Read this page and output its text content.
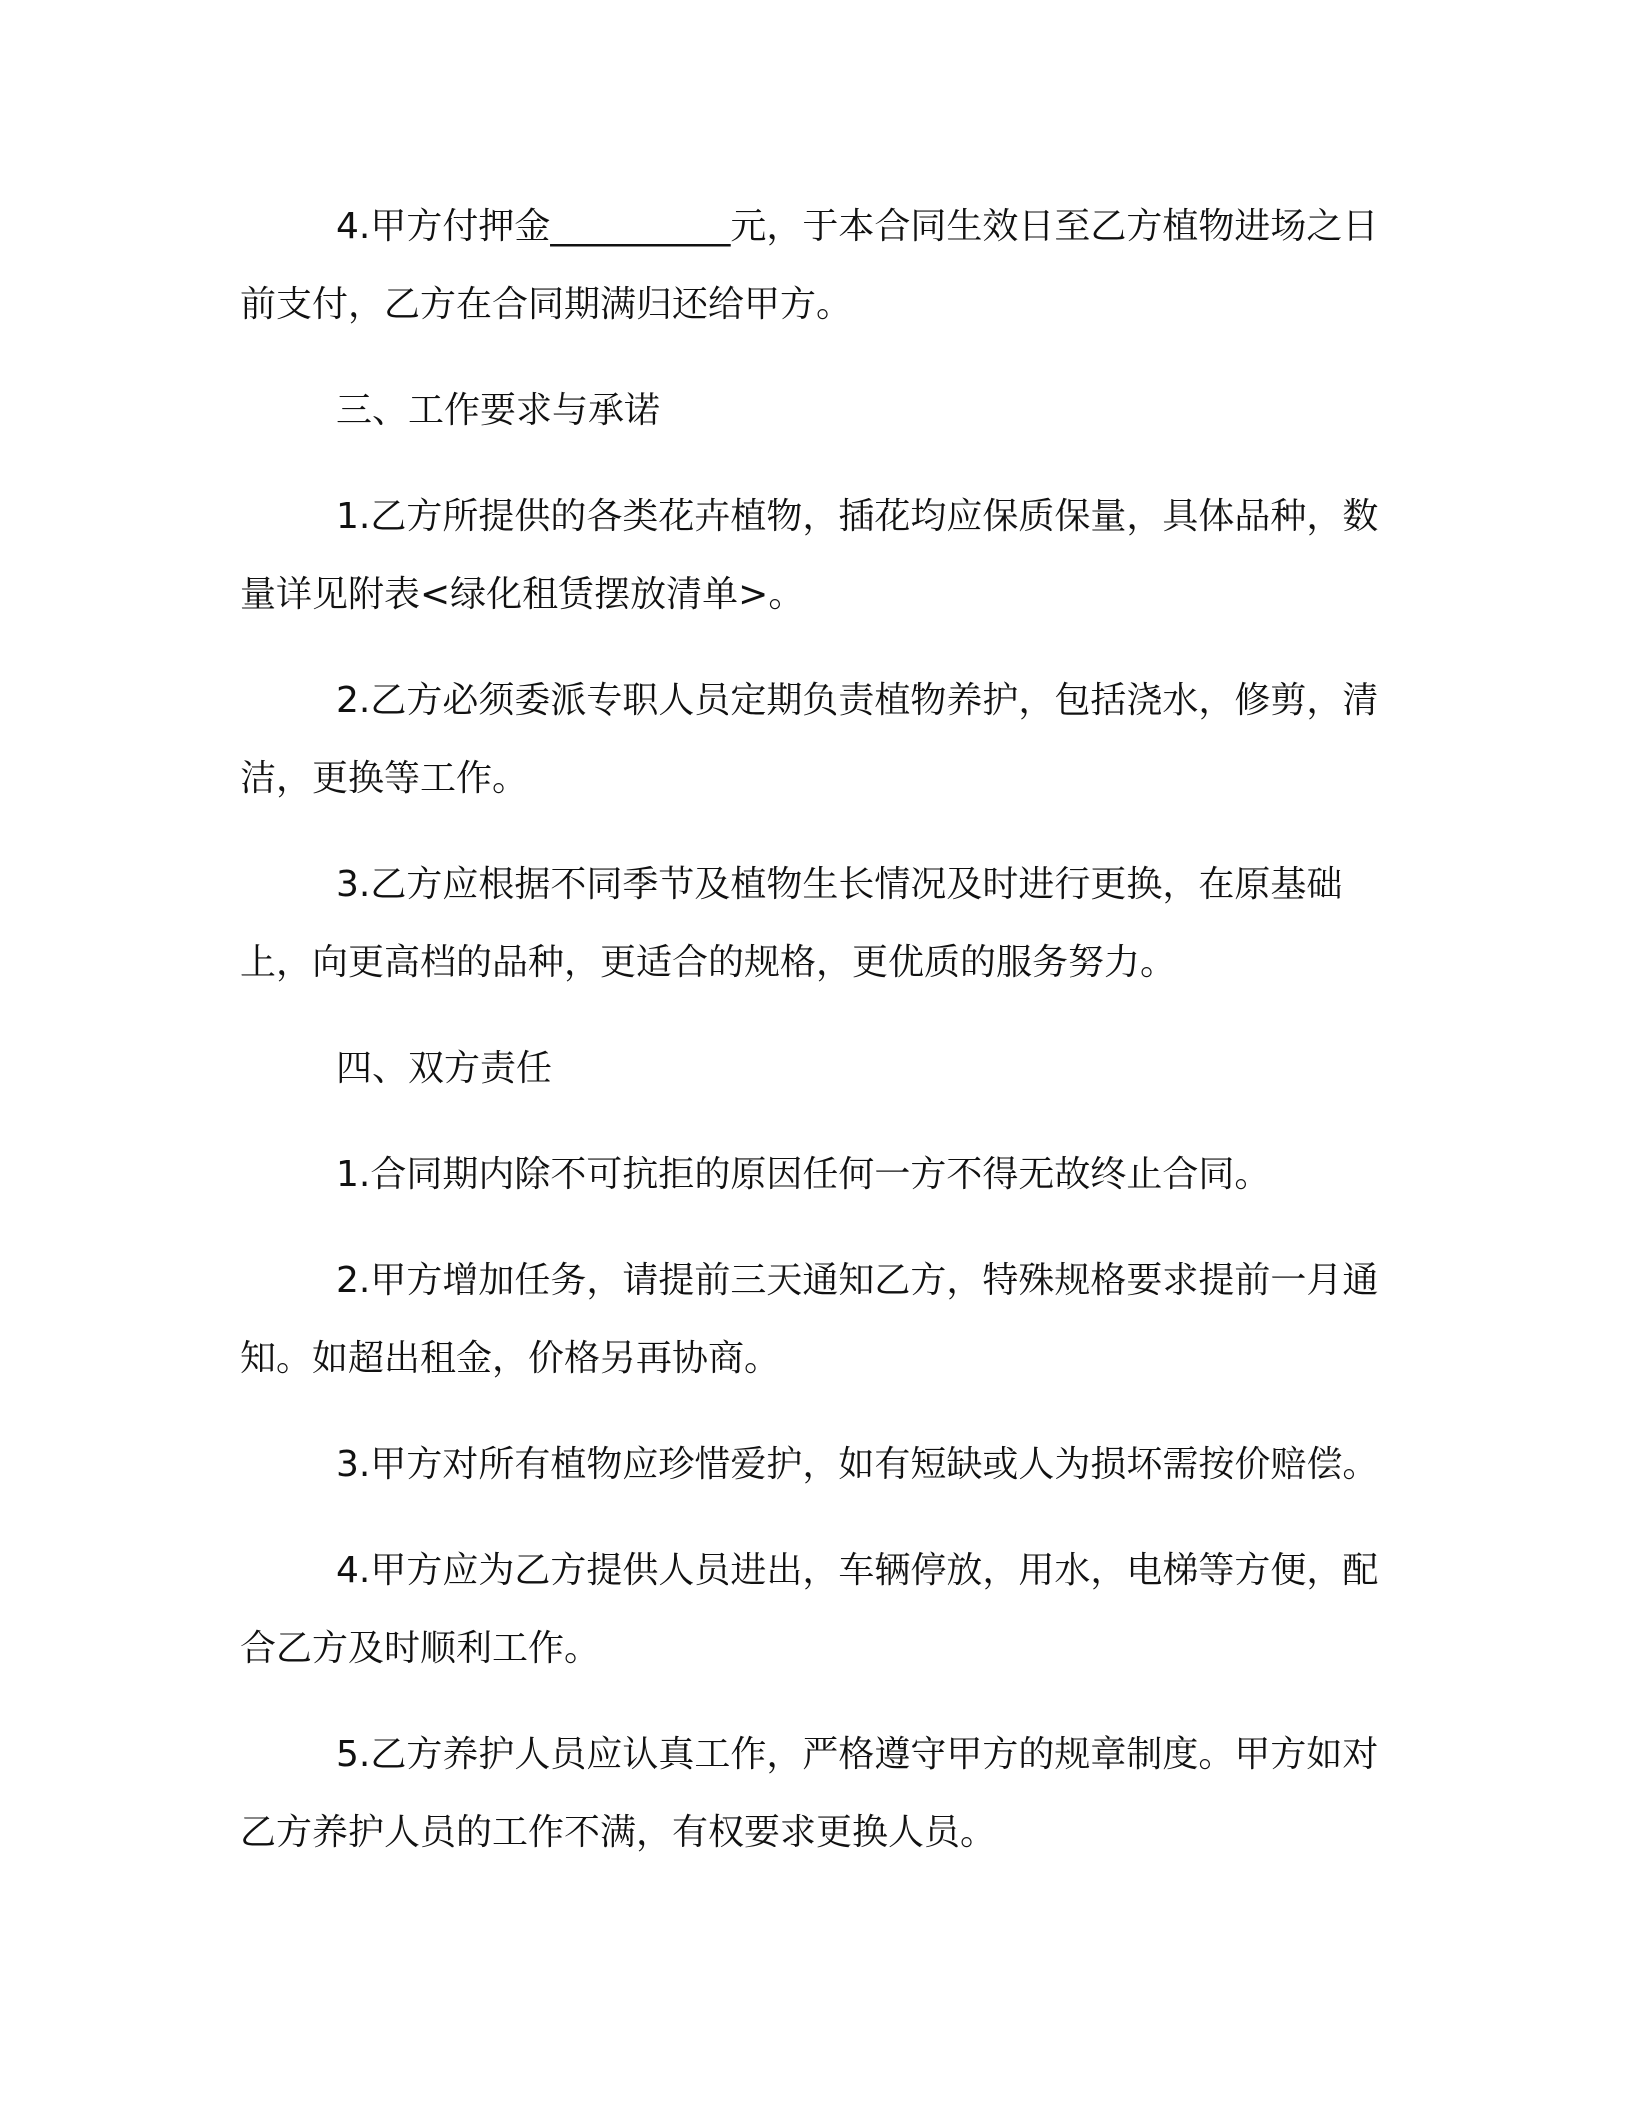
4.甲方付押金__________元，于本合同生效日至乙方植物进场之日前支付，乙方在合同期满归还给甲方。

三、工作要求与承诺

1.乙方所提供的各类花卉植物，插花均应保质保量，具体品种，数量详见附表<绿化租赁摆放清单>。

2.乙方必须委派专职人员定期负责植物养护，包括浇水，修剪，清洁，更换等工作。

3.乙方应根据不同季节及植物生长情况及时进行更换，在原基础上，向更高档的品种，更适合的规格，更优质的服务努力。

四、双方责任

1.合同期内除不可抗拒的原因任何一方不得无故终止合同。

2.甲方增加任务，请提前三天通知乙方，特殊规格要求提前一月通知。如超出租金，价格另再协商。

3.甲方对所有植物应珍惜爱护，如有短缺或人为损坏需按价赔偿。

4.甲方应为乙方提供人员进出，车辆停放，用水，电梯等方便，配合乙方及时顺利工作。

5.乙方养护人员应认真工作，严格遵守甲方的规章制度。甲方如对乙方养护人员的工作不满，有权要求更换人员。
